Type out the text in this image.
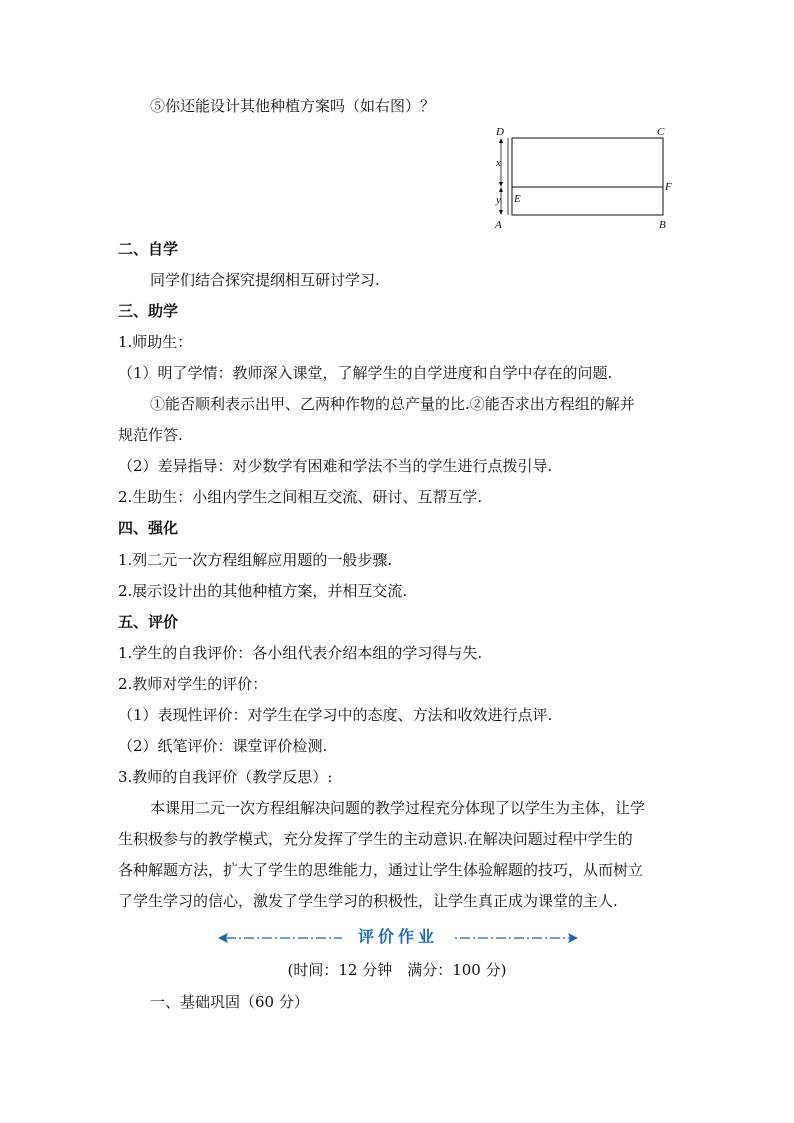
⑤你还能设计其他种植方案吗（如右图）？
D	C
x
F
y E
A	B
二、自学
同学们结合探究提纲相互研讨学习.
三、助学
1.师助生：
（1）明了学情：教师深入课堂，了解学生的自学进度和自学中存在的问题.
①能否顺利表示出甲、乙两种作物的总产量的比.②能否求出方程组的解并
规范作答.
（2）差异指导：对少数学有困难和学法不当的学生进行点拨引导.
2.生助生：小组内学生之间相互交流、研讨、互帮互学.
四、强化
1.列二元一次方程组解应用题的一般步骤.
2.展示设计出的其他种植方案，并相互交流.
五、评价
1.学生的自我评价：各小组代表介绍本组的学习得与失.
2.教师对学生的评价：
（1）表现性评价：对学生在学习中的态度、方法和收效进行点评.
（2）纸笔评价：课堂评价检测.
3.教师的自我评价（教学反思）:
本课用二元一次方程组解决问题的教学过程充分体现了以学生为主体，让学
生积极参与的教学模式，充分发挥了学生的主动意识.在解决问题过程中学生的
各种解题方法，扩大了学生的思维能力，通过让学生体验解题的技巧，从而树立
了学生学习的信心，激发了学生学习的积极性，让学生真正成为课堂的主人.
评价作业
(时间：12 分钟　满分：100 分)
一、基础巩固（60 分）
